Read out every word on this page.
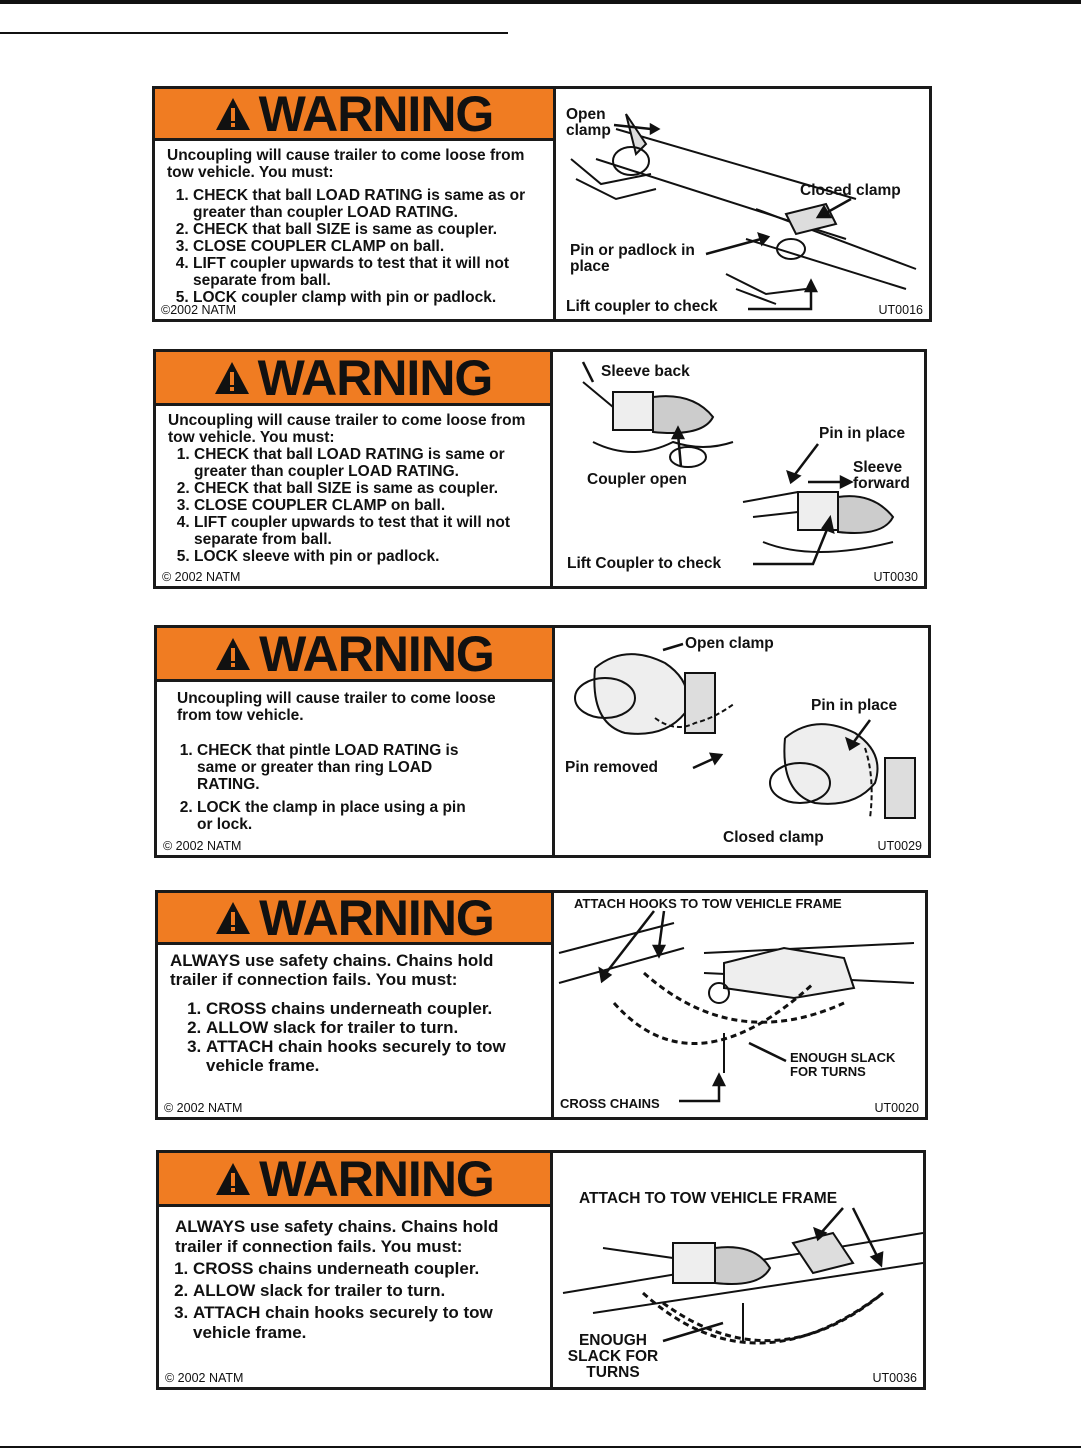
WARNING
Uncoupling will cause trailer to come loose from tow vehicle. You must:
1. CHECK that ball LOAD RATING is same as or greater than coupler LOAD RATING.
2. CHECK that ball SIZE is same as coupler.
3. CLOSE COUPLER CLAMP on ball.
4. LIFT coupler upwards to test that it will not separate from ball.
5. LOCK coupler clamp with pin or padlock.
©2002 NATM
Open clamp
Closed clamp
Pin or padlock in place
Lift coupler to check	UT0016
WARNING
Uncoupling will cause trailer to come loose from tow vehicle. You must:
1. CHECK that ball LOAD RATING is same or greater than coupler LOAD RATING.
2. CHECK that ball SIZE is same as coupler.
3. CLOSE COUPLER CLAMP on ball.
4. LIFT coupler upwards to test that it will not separate from ball.
5. LOCK sleeve with pin or padlock.
© 2002 NATM
Sleeve back
Pin in place
Sleeve forward
Coupler open
Lift Coupler to check
UT0030
WARNING
Uncoupling will cause trailer to come loose from tow vehicle.
1. CHECK that pintle LOAD RATING is same or greater than ring LOAD RATING.
2. LOCK the clamp in place using a pin or lock.
© 2002 NATM
Open clamp
Pin in place
Pin removed
Closed clamp	UT0029
WARNING
ALWAYS use safety chains. Chains hold trailer if connection fails. You must:
1. CROSS chains underneath coupler.
2. ALLOW slack for trailer to turn.
3. ATTACH chain hooks securely to tow vehicle frame.
© 2002 NATM
ATTACH HOOKS TO TOW VEHICLE FRAME
ENOUGH SLACK FOR TURNS
CROSS CHAINS	UT0020
WARNING
ALWAYS use safety chains. Chains hold trailer if connection fails. You must:
1. CROSS chains underneath coupler.
2. ALLOW slack for trailer to turn.
3. ATTACH chain hooks securely to tow vehicle frame.
© 2002 NATM
ATTACH TO TOW VEHICLE FRAME
ENOUGH SLACK FOR TURNS	UT0036
